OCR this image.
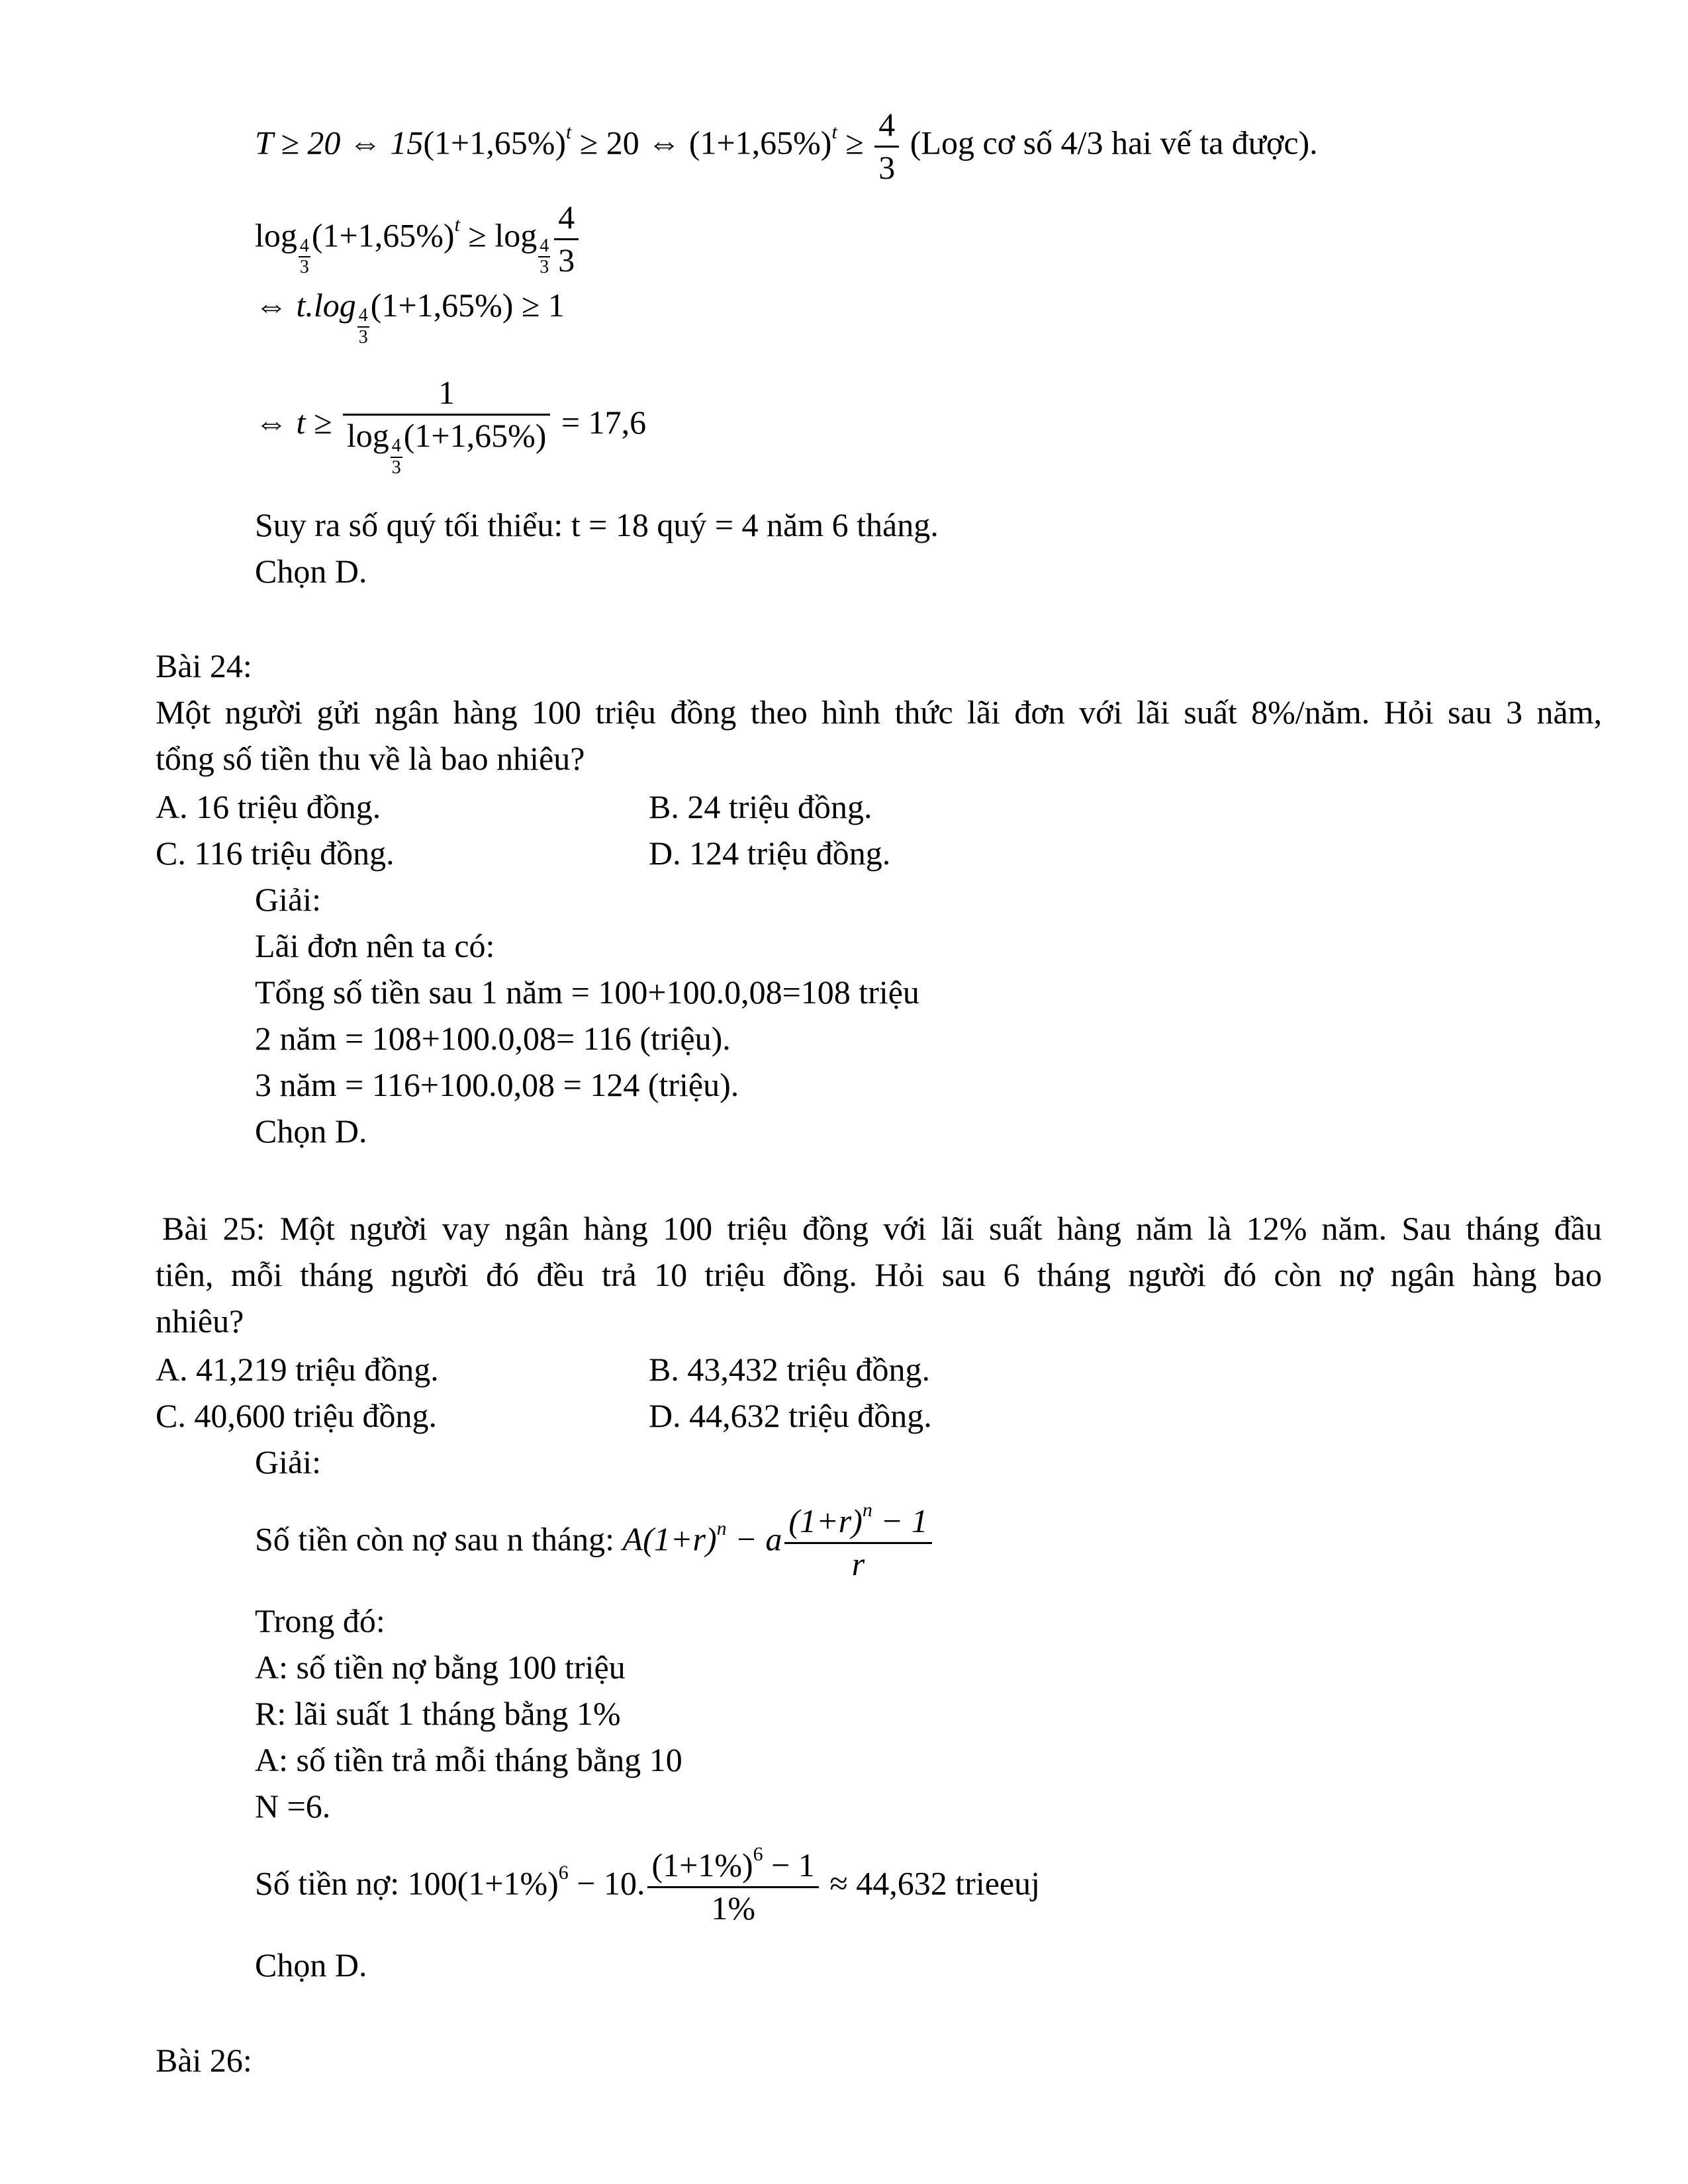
T ≥ 20 ⇔ $15(1+1,65\%)^t \ge 20$ ⇔ $(1+1,65\%)^t \ge \frac{4}{3} (Log$ cơ số 4/3 hai vế ta được).
log
$\frac{4}{3}$
$(1+1,65\%)^t \ge \log$
$\frac{4}{3} \frac{4}{3}$
⇔ t.log
$\frac{4}{3}$
(1+1,65%) ≥ 1
⇔ t ≥ 1
log
$\frac{4}{3}$
(1+1,65%) = 17,6
Suy ra số quý tối thiểu: t = 18 quý = 4 năm 6 tháng.
Chọn D.
Bài 24:
Một người gửi ngân hàng 100 triệu đồng theo hình thức lãi đơn với lãi suất 8%/năm. Hỏi sau 3 năm,
tổng số tiền thu về là bao nhiêu?
A. 16 triệu đồng.	B. 24 triệu đồng.
C. 116 triệu đồng.	D. 124 triệu đồng.
Giải:
Lãi đơn nên ta có:
Tổng số tiền sau 1 năm = 100+100.0,08=108 triệu
2 năm = 108+100.0,08= 116 (triệu).
3 năm = 116+100.0,08 = 124 (triệu).
Chọn D.
Bài 25: Một người vay ngân hàng 100 triệu đồng với lãi suất hàng năm là 12% năm. Sau tháng đầu
tiên, mỗi tháng người đó đều trả 10 triệu đồng. Hỏi sau 6 tháng người đó còn nợ ngân hàng bao
nhiêu?
A. 41,219 triệu đồng.	B. 43,432 triệu đồng.
C. 40,600 triệu đồng.	D. 44,632 triệu đồng.
Giải:
Số tiền còn nợ sau n tháng: $A(1+r)^n - a \frac{(1+r)^n - 1}{r}$
Trong đó:
A: số tiền nợ bằng 100 triệu
R: lãi suất 1 tháng bằng 1%
A: số tiền trả mỗi tháng bằng 10
N =6.
Số tiền nợ: $100(1+1\%)^6 - 10$. $\frac{(1+1\%)^6 - 1}{1\%} \approx 44,632$ trieeuj
Chọn D.
Bài 26:
